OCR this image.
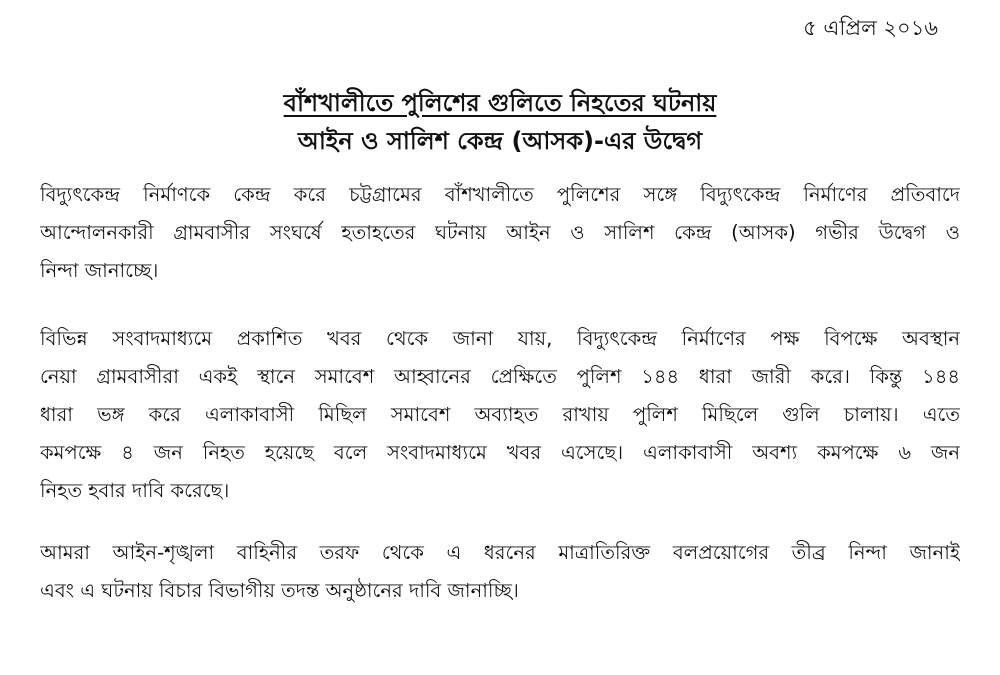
৫ এপ্রিল ২০১৬
বাঁশখালীতে পুলিশের গুলিতে নিহতের ঘটনায়
আইন ও সালিশ কেন্দ্র (আসক)-এর উদ্বেগ
বিদ্যুৎকেন্দ্র নির্মাণকে কেন্দ্র করে চট্টগ্রামের বাঁশখালীতে পুলিশের সঙ্গে বিদ্যুৎকেন্দ্র নির্মাণের প্রতিবাদে
আন্দোলনকারী গ্রামবাসীর সংঘর্ষে হতাহতের ঘটনায় আইন ও সালিশ কেন্দ্র (আসক) গভীর উদ্বেগ ও
নিন্দা জানাচ্ছে।
বিভিন্ন সংবাদমাধ্যমে প্রকাশিত খবর থেকে জানা যায়, বিদ্যুৎকেন্দ্র নির্মাণের পক্ষ বিপক্ষে অবস্থান
নেয়া গ্রামবাসীরা একই স্থানে সমাবেশ আহ্বানের প্রেক্ষিতে পুলিশ ১৪৪ ধারা জারী করে। কিন্তু ১৪৪
ধারা ভঙ্গ করে এলাকাবাসী মিছিল সমাবেশ অব্যাহত রাখায় পুলিশ মিছিলে গুলি চালায়। এতে
কমপক্ষে ৪ জন নিহত হয়েছে বলে সংবাদমাধ্যমে খবর এসেছে। এলাকাবাসী অবশ্য কমপক্ষে ৬ জন
নিহত হবার দাবি করেছে।
আমরা আইন-শৃঙ্খলা বাহিনীর তরফ থেকে এ ধরনের মাত্রাতিরিক্ত বলপ্রয়োগের তীব্র নিন্দা জানাই
এবং এ ঘটনায় বিচার বিভাগীয় তদন্ত অনুষ্ঠানের দাবি জানাচ্ছি।
